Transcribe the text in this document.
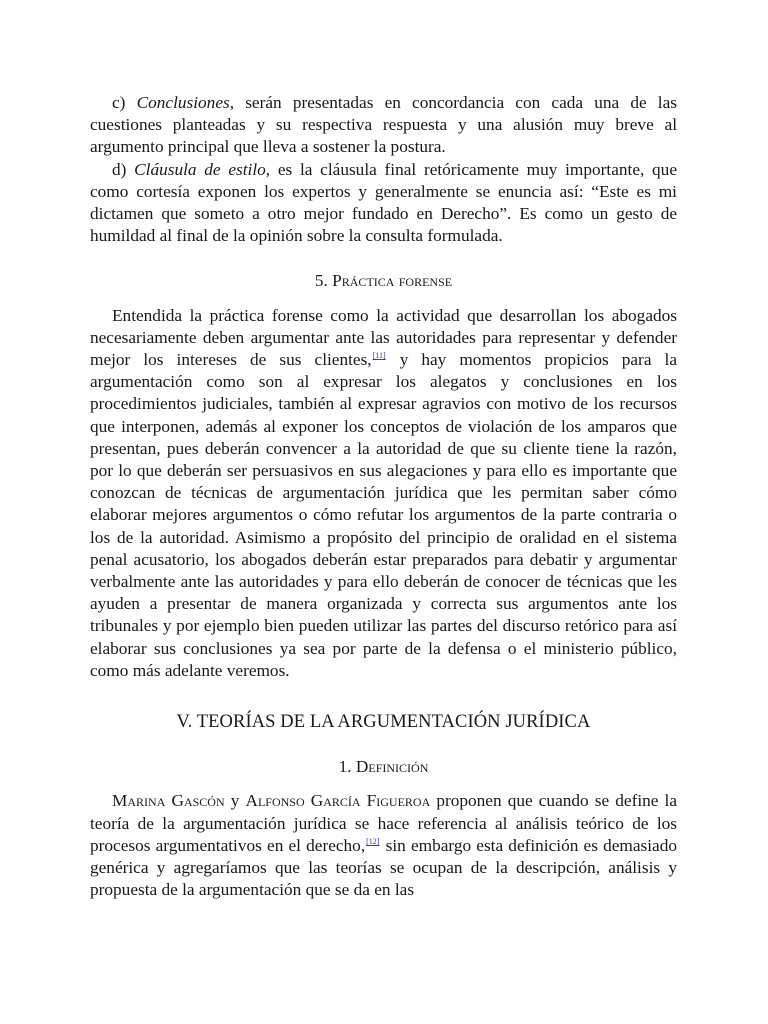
c) Conclusiones, serán presentadas en concordancia con cada una de las cuestiones planteadas y su respectiva respuesta y una alusión muy breve al argumento principal que lleva a sostener la postura.

d) Cláusula de estilo, es la cláusula final retóricamente muy importante, que como cortesía exponen los expertos y generalmente se enuncia así: “Este es mi dictamen que someto a otro mejor fundado en Derecho”. Es como un gesto de humildad al final de la opinión sobre la consulta formulada.

5. Práctica forense

Entendida la práctica forense como la actividad que desarrollan los abogados necesariamente deben argumentar ante las autoridades para representar y defender mejor los intereses de sus clientes,[11] y hay momentos propicios para la argumentación como son al expresar los alegatos y conclusiones en los procedimientos judiciales, también al expresar agravios con motivo de los recursos que interponen, además al exponer los conceptos de violación de los amparos que presentan, pues deberán convencer a la autoridad de que su cliente tiene la razón, por lo que deberán ser persuasivos en sus alegaciones y para ello es importante que conozcan de técnicas de argumentación jurídica que les permitan saber cómo elaborar mejores argumentos o cómo refutar los argumentos de la parte contraria o los de la autoridad. Asimismo a propósito del principio de oralidad en el sistema penal acusatorio, los abogados deberán estar preparados para debatir y argumentar verbalmente ante las autoridades y para ello deberán de conocer de técnicas que les ayuden a presentar de manera organizada y correcta sus argumentos ante los tribunales y por ejemplo bien pueden utilizar las partes del discurso retórico para así elaborar sus conclusiones ya sea por parte de la defensa o el ministerio público, como más adelante veremos.

V. TEORÍAS DE LA ARGUMENTACIÓN JURÍDICA

1. Definición

Marina Gascón y Alfonso García Figueroa proponen que cuando se define la teoría de la argumentación jurídica se hace referencia al análisis teórico de los procesos argumentativos en el derecho,[12] sin embargo esta definición es demasiado genérica y agregaríamos que las teorías se ocupan de la descripción, análisis y propuesta de la argumentación que se da en las
